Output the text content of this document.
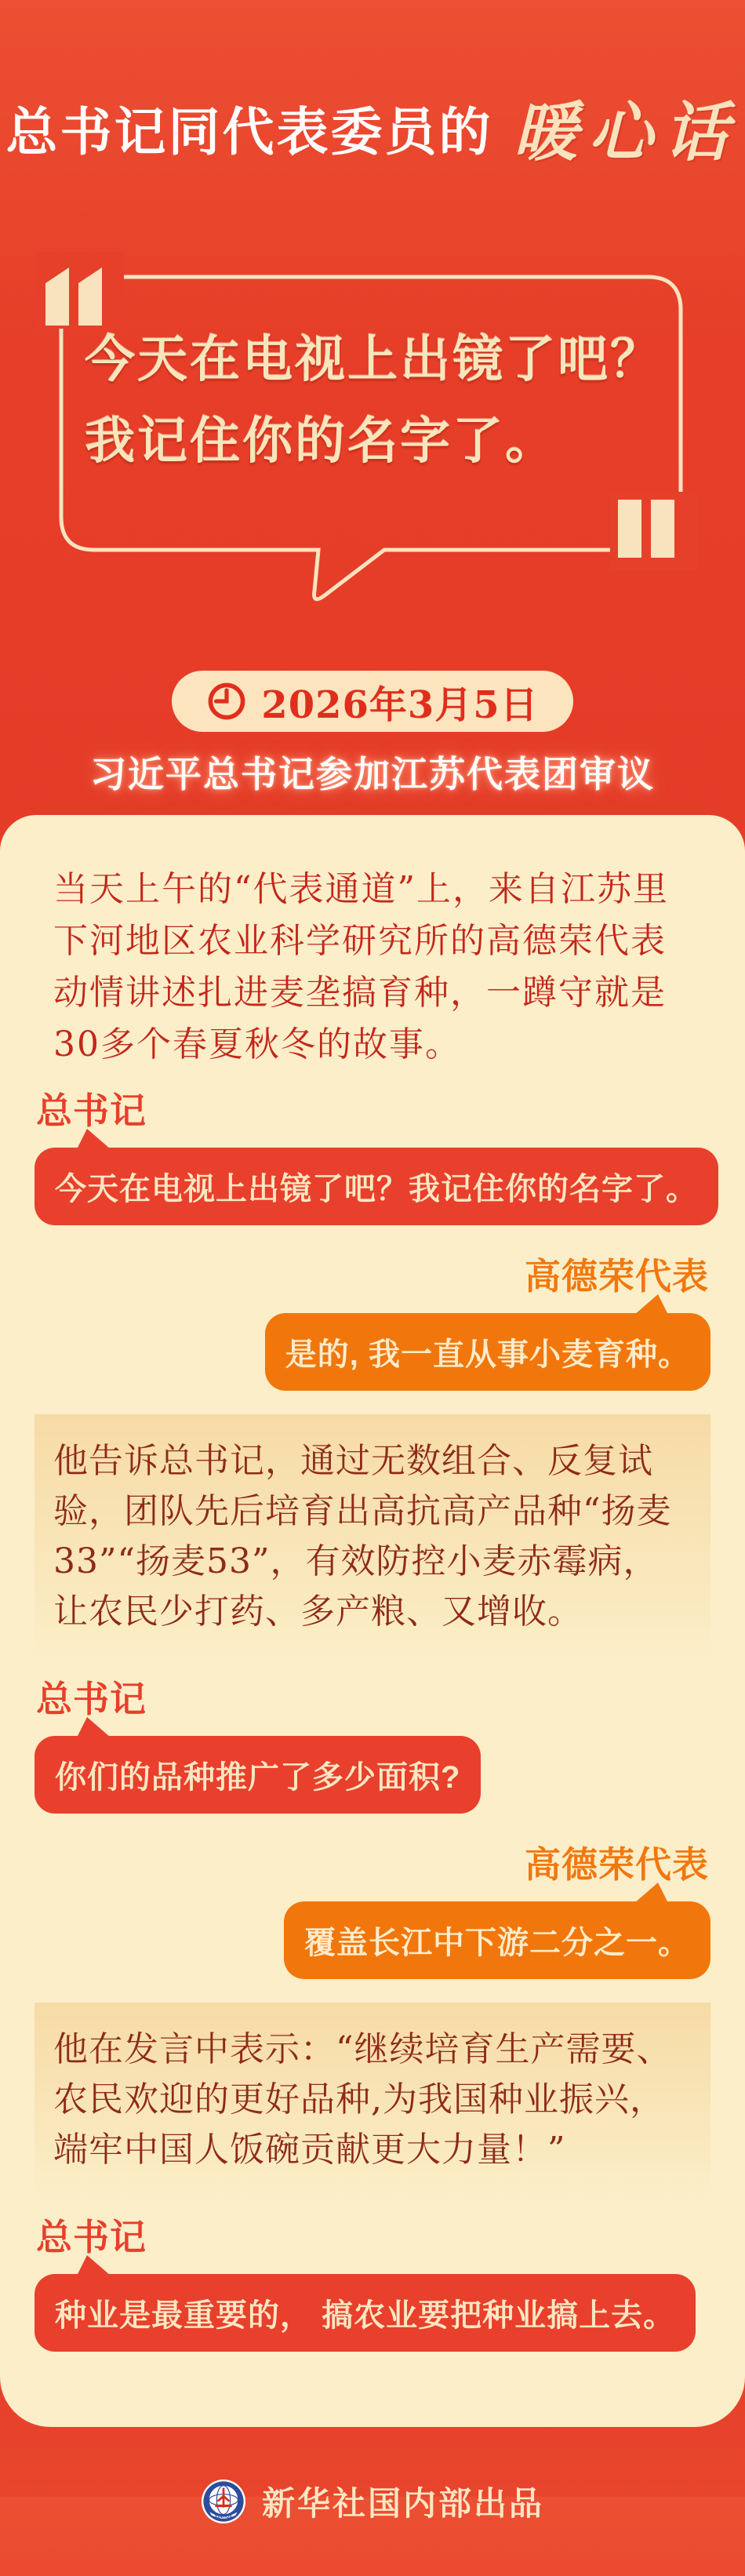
总书记同代表委员的 暖心话
今天在电视上出镜了吧？
我记住你的名字了。
2026年3月5日
习近平总书记参加江苏代表团审议

当天上午的“代表通道”上，来自江苏里下河地区农业科学研究所的高德荣代表动情讲述扎进麦垄搞育种，一蹲守就是30多个春夏秋冬的故事。

总书记
今天在电视上出镜了吧？我记住你的名字了。
高德荣代表
是的, 我一直从事小麦育种。

他告诉总书记，通过无数组合、反复试验，团队先后培育出高抗高产品种“扬麦33”“扬麦53”，有效防控小麦赤霉病，让农民少打药、多产粮、又增收。

总书记
你们的品种推广了多少面积?
高德荣代表
覆盖长江中下游二分之一。

他在发言中表示：“继续培育生产需要、农民欢迎的更好品种,为我国种业振兴，端牢中国人饭碗贡献更大力量！”

总书记
种业是最重要的， 搞农业要把种业搞上去。
XINHUA 新华社国内部出品
